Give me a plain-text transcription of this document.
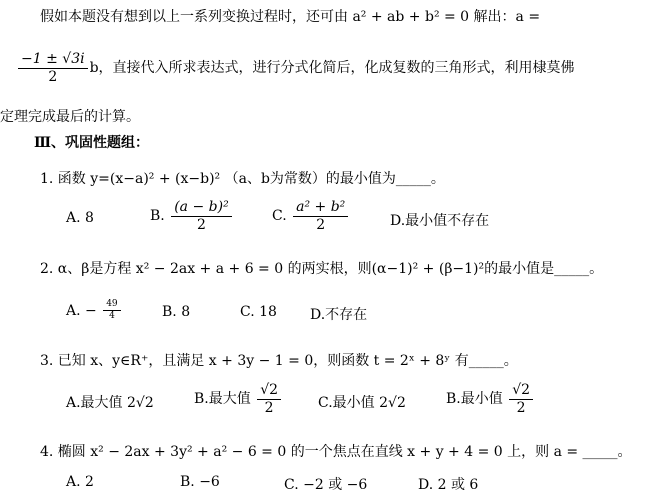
假如本题没有想到以上一系列变换过程时，还可由 a² + ab + b² = 0 解出：a =
$\frac{-1 \pm √3i}{2}$ b，直接代入所求表达式，进行分式化简后，化成复数的三角形式，利用棣莫佛
定理完成最后的计算。
Ⅲ、巩固性题组：
1. 函数 y=(x−a)² + (x−b)² （a、b为常数）的最小值为_____。
A. 8	B. $\frac{\text{(a − b)²}}{2}$	C. $\frac{\text{a² + b²}}{2}$	D.最小值不存在
2. α、β是方程 x² − 2ax + a + 6 = 0 的两实根，则(α−1)² + (β−1)²的最小值是_____。
A. − $\frac{49}{4}$	B. 8	C. 18 D.不存在
3. 已知 x、y∈R⁺，且满足 x + 3y − 1 = 0，则函数 t = 2ˣ + 8ʸ 有_____。
A.最大值 2√2	B.最大值 $\frac{√2}{2}$	C.最小值 2√2	B.最小值 $\frac{√2}{2}$
4. 椭圆 x² − 2ax + 3y² + a² − 6 = 0 的一个焦点在直线 x + y + 4 = 0 上，则 a = _____。
A. 2	B. −6	C. −2 或 −6	D. 2 或 6
